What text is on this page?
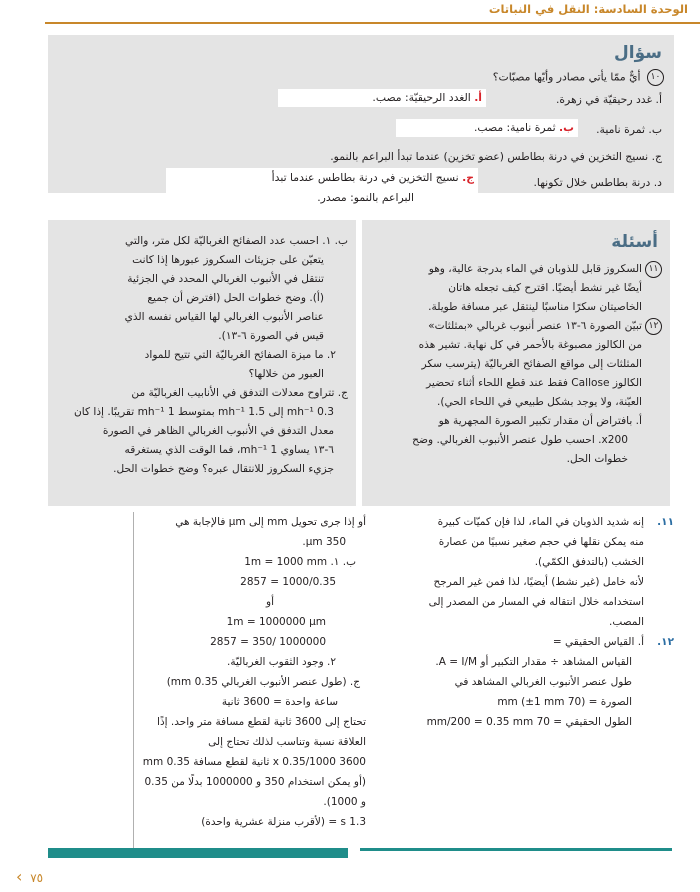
الوحدة السادسة: النقل في النباتات
سؤال
١٠ أيٌّ ممّا يأتي مصادر وأيّها مصبّات؟
أ. غدد رحيقيّة في زهرة.
أ. الغدد الرحيقيّة: مصب.
ب. ثمرة نامية.
ب. ثمرة نامية: مصب.
ج. نسيج التخزين في درنة بطاطس (عضو تخزين) عندما تبدأ البراعم بالنمو.
د. درنة بطاطس خلال تكونها.
ج. نسيج التخزين في درنة بطاطس عندما تبدأ
البراعم بالنمو: مصدر.
أسئلة
١١السكروز قابل للذوبان في الماء بدرجة عالية، وهو
أيضًا غير نشط أيضيًا. اقترح كيف تجعله هاتان
الخاصيتان سكرًا مناسبًا لينتقل عبر مسافة طويلة.
١٢تبيّن الصورة ٦-١٣ عنصر أنبوب غربالي «بمثلثات»
من الكالوز مصبوغة بالأحمر في كل نهاية. تشير هذه
المثلثات إلى مواقع الصفائح الغرباليّة (يترسب سكر
الكالوز Callose فقط عند قطع اللحاء أثناء تحضير
العيّنة، ولا يوجد بشكل طبيعي في اللحاء الحي).
أ. بافتراض أن مقدار تكبير الصورة المجهرية هو
x200. احسب طول عنصر الأنبوب الغربالي. وضح
خطوات الحل.
ب. ١. احسب عدد الصفائح الغرباليّة لكل متر، والتي
يتعيّن على جزيئات السكروز عبورها إذا كانت
تنتقل في الأنبوب الغربالي المحدد في الجزئية
(أ). وضح خطوات الحل (افترض أن جميع
عناصر الأنبوب الغربالي لها القياس نفسه الذي
قيس في الصورة ٦-١٣).
٢. ما ميزة الصفائح الغرباليّة التي تتيح للمواد
العبور من خلالها؟
ج. تتراوح معدلات التدفق في الأنابيب الغرباليّة من
0.3 mh⁻¹ إلى 1.5 mh⁻¹ بمتوسط 1 mh⁻¹ تقريبًا. إذا كان
معدل التدفق في الأنبوب الغربالي الظاهر في الصورة
٦-١٣ يساوي 1 mh⁻¹، فما الوقت الذي يستغرقه
جزيء السكروز للانتقال عبره؟ وضح خطوات الحل.
١١.
إنه شديد الذوبان في الماء، لذا فإن كميّات كبيرة
منه يمكن نقلها في حجم صغير نسبيًا من عصارة
الخشب (بالتدفق الكمّي).
لأنه خامل (غير نشط) أيضيًا، لذا فمن غير المرجح
استخدامه خلال انتقاله في المسار من المصدر إلى
المصب.
١٢.
أ. القياس الحقيقي =
القياس المشاهد ÷ مقدار التكبير أو A = I/M.
طول عنصر الأنبوب الغربالي المشاهد في
الصورة = (70 mm (±1 mm
الطول الحقيقي = 70 mm/200 = 0.35 mm
أو إذا جرى تحويل mm إلى µm فالإجابة هي
350 µm.
ب. ١. 1m = 1000 mm
1000/0.35 = 2857
أو
1m = 1000000 µm
1000000 /350 = 2857
٢. وجود الثقوب الغرباليّة.
ج. (طول عنصر الأنبوب الغربالي 0.35 mm)
ساعة واحدة = 3600 ثانية
تحتاج إلى 3600 ثانية لقطع مسافة متر واحد. إذًا
العلاقة نسبة وتناسب لذلك تحتاج إلى
3600 x 0.35/1000 ثانية لقطع مسافة 0.35 mm
(أو يمكن استخدام 350 و 1000000 بدلًا من 0.35
و 1000).
1.3 s = (لأقرب منزلة عشرية واحدة)
‹ ٧٥
